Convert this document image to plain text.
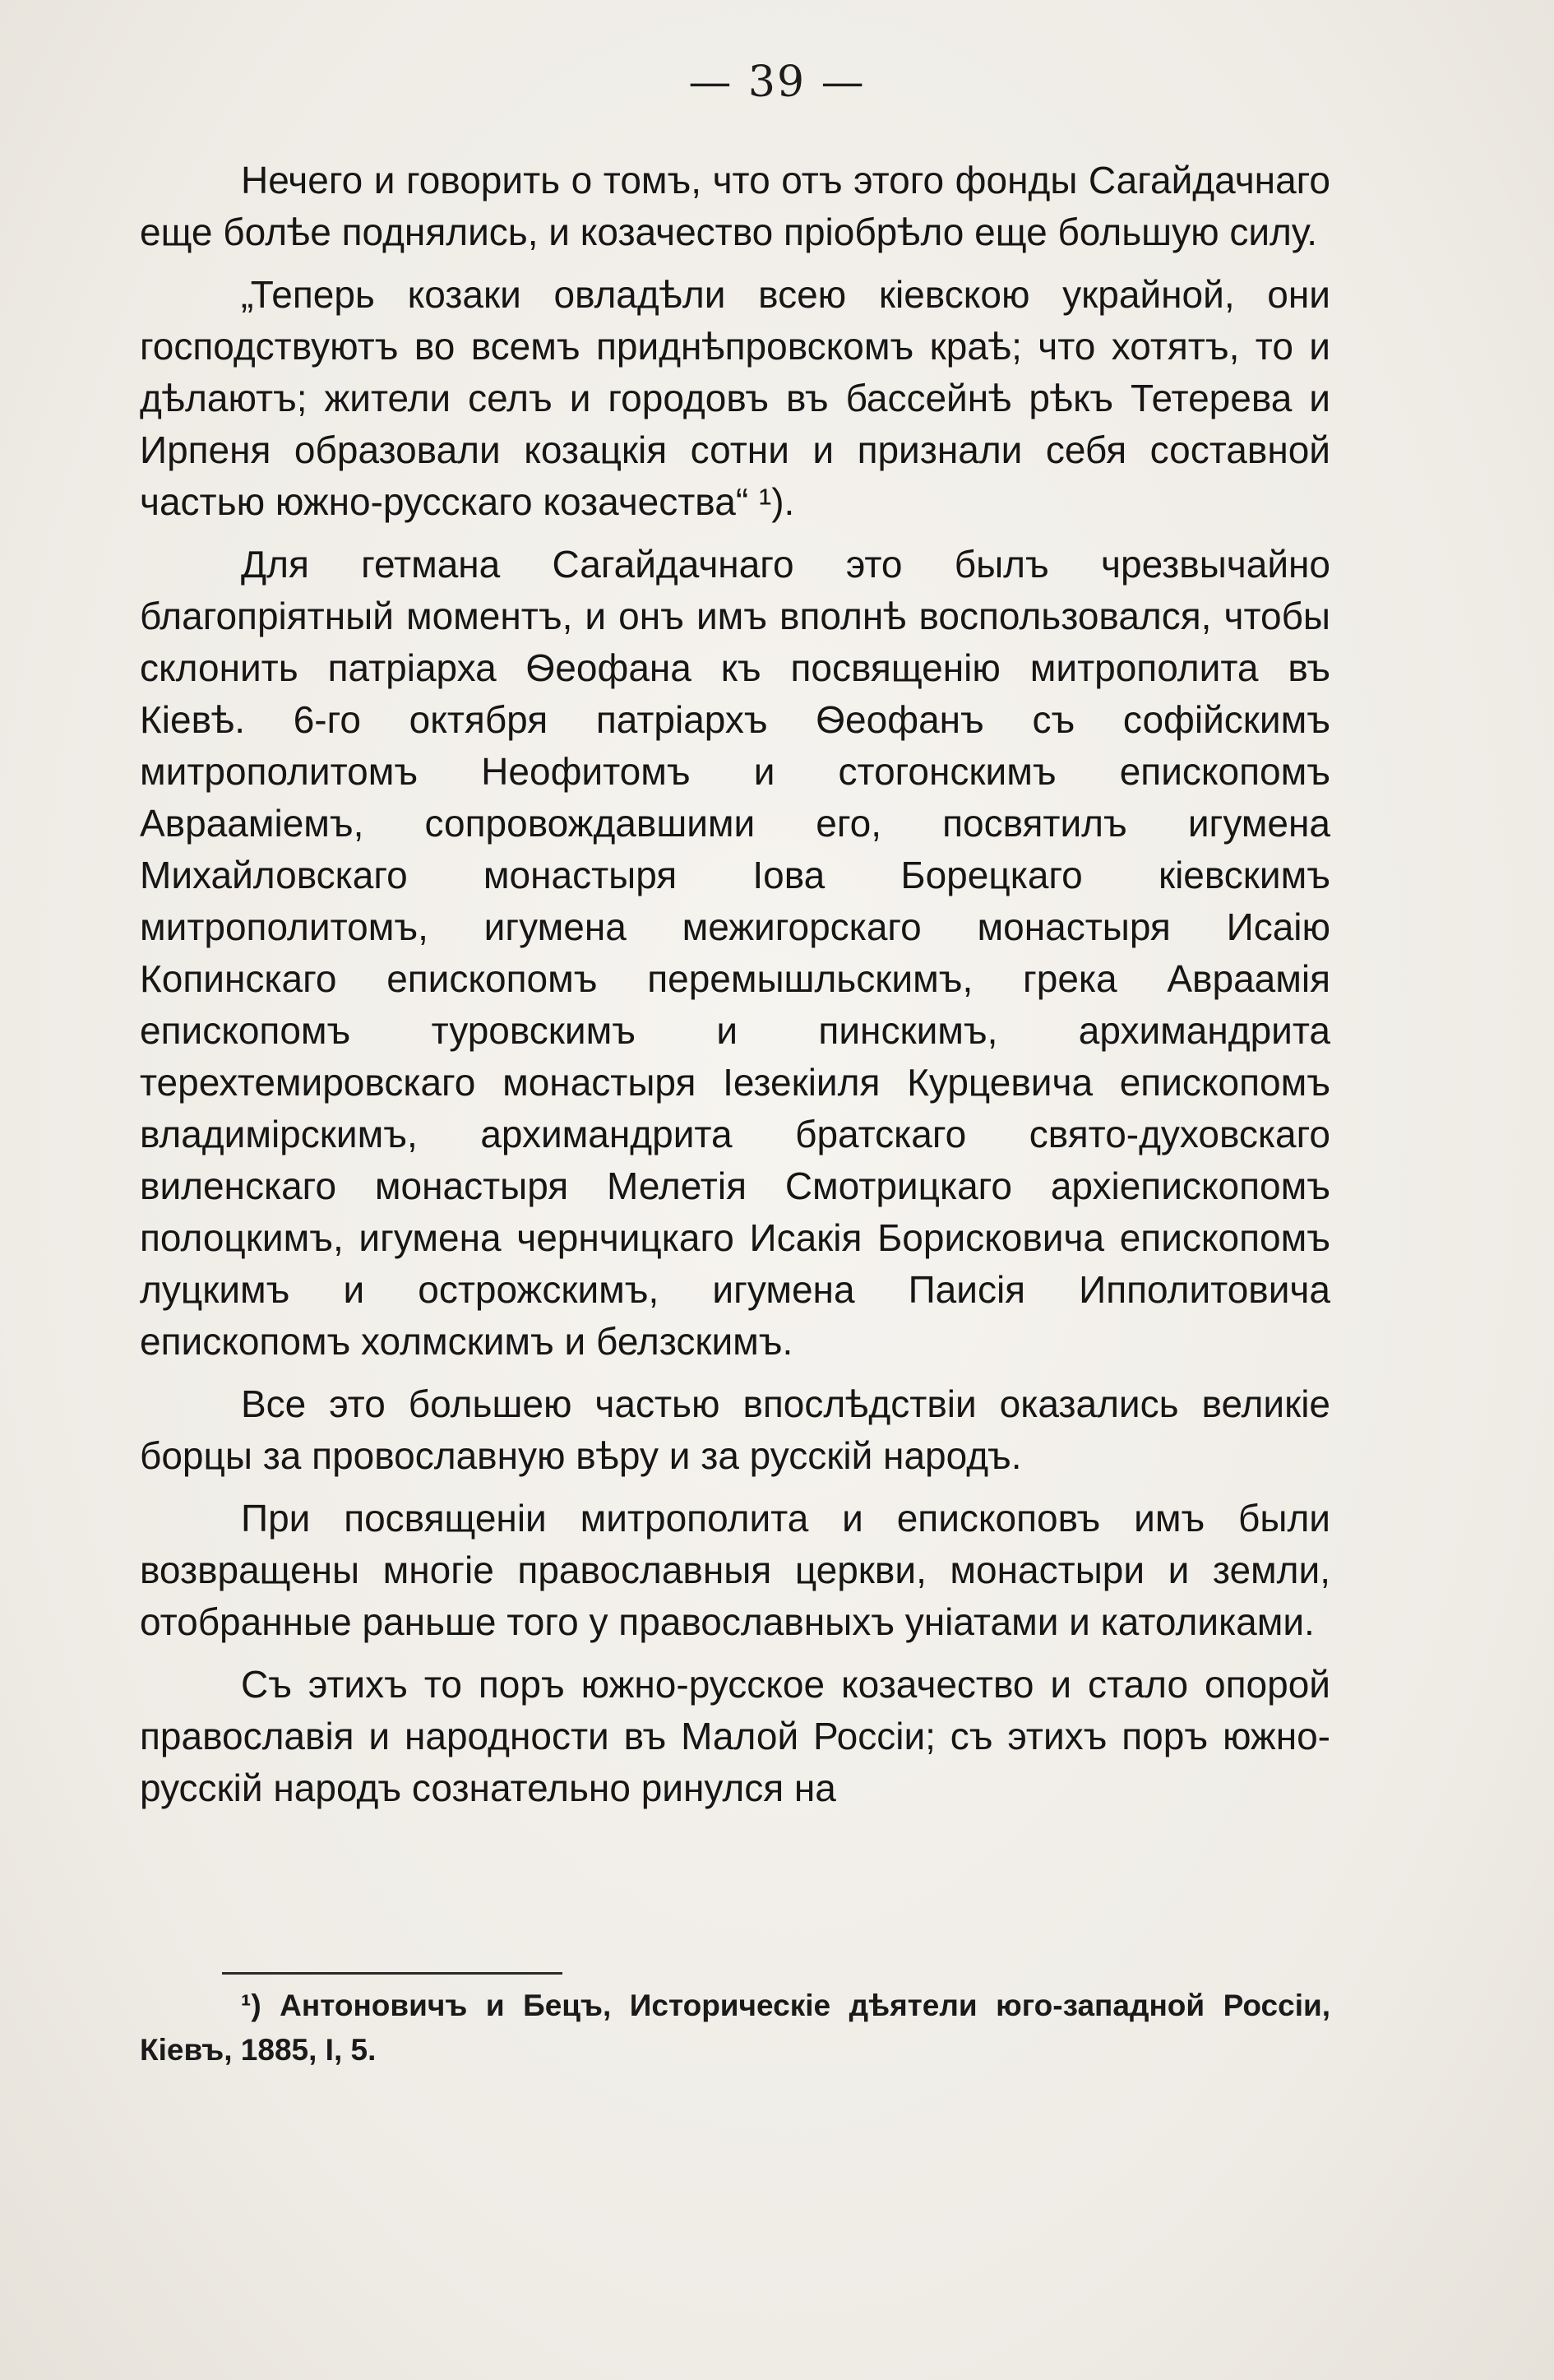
— 39 —

Нечего и говорить о томъ, что отъ этого фонды Сагайдачнаго еще болѣе поднялись, и козачество пріобрѣло еще большую силу.

„Теперь козаки овладѣли всею кіевскою украйной, они господствуютъ во всемъ приднѣпровскомъ краѣ; что хотятъ, то и дѣлаютъ; жители селъ и городовъ въ бассейнѣ рѣкъ Тетерева и Ирпеня образовали козацкія сотни и признали себя составной частью южно-русскаго козачества“ ¹).

Для гетмана Сагайдачнаго это былъ чрезвычайно благопріятный моментъ, и онъ имъ вполнѣ воспользовался, чтобы склонить патріарха Ѳеофана къ посвященію митрополита въ Кіевѣ. 6-го октября патріархъ Ѳеофанъ съ софійскимъ митрополитомъ Неофитомъ и стогонскимъ епископомъ Аврааміемъ, сопровождавшими его, посвятилъ игумена Михайловскаго монастыря Іова Борецкаго кіевскимъ митрополитомъ, игумена межигорскаго монастыря Исаію Копинскаго епископомъ перемышльскимъ, грека Авраамія епископомъ туровскимъ и пинскимъ, архимандрита терехтемировскаго монастыря Іезекіиля Курцевича епископомъ владимірскимъ, архимандрита братскаго свято-духовскаго виленскаго монастыря Мелетія Смотрицкаго архіепископомъ полоцкимъ, игумена чернчицкаго Исакія Борисковича епископомъ луцкимъ и острожскимъ, игумена Паисія Ипполитовича епископомъ холмскимъ и белзскимъ.

Все это большею частью впослѣдствіи оказались великіе борцы за провославную вѣру и за русскій народъ.

При посвященіи митрополита и епископовъ имъ были возвращены многіе православныя церкви, монастыри и земли, отобранные раньше того у православныхъ уніатами и католиками.

Съ этихъ то поръ южно-русское козачество и стало опорой православія и народности въ Малой Россіи; съ этихъ поръ южно-русскій народъ сознательно ринулся на

¹) Антоновичъ и Бецъ, Историческіе дѣятели юго-западной Россіи, Кіевъ, 1885, I, 5.
